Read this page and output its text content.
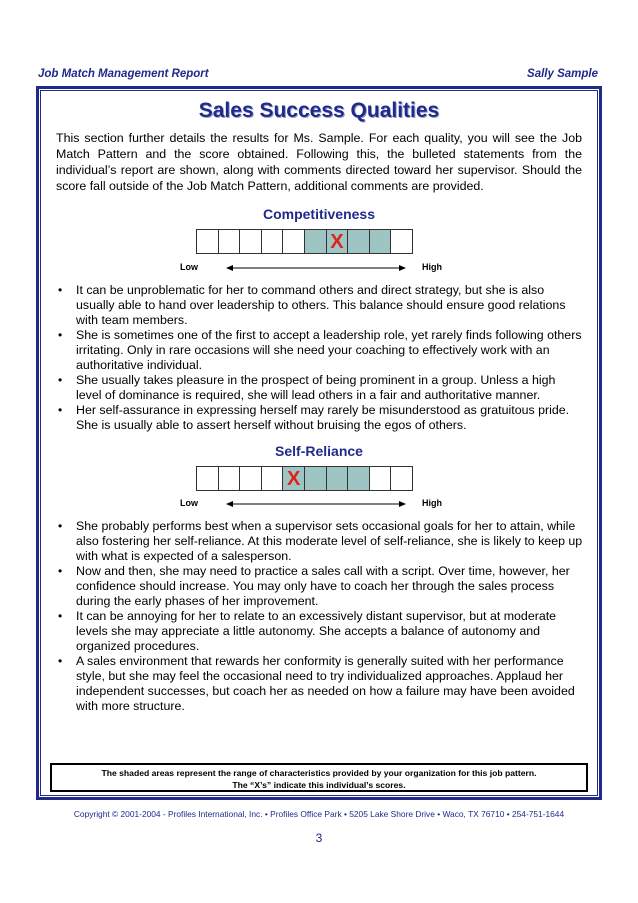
Job Match Management Report	Sally Sample
Sales Success Qualities

This section further details the results for Ms. Sample. For each quality, you will see the Job Match Pattern and the score obtained. Following this, the bulleted statements from the individual’s report are shown, along with comments directed toward her supervisor. Should the score fall outside of the Job Match Pattern, additional comments are provided.

Competitiveness
X
Low	High
• It can be unproblematic for her to command others and direct strategy, but she is also usually able to hand over leadership to others. This balance should ensure good relations with team members.
• She is sometimes one of the first to accept a leadership role, yet rarely finds following others irritating. Only in rare occasions will she need your coaching to effectively work with an authoritative individual.
• She usually takes pleasure in the prospect of being prominent in a group. Unless a high level of dominance is required, she will lead others in a fair and authoritative manner.
• Her self-assurance in expressing herself may rarely be misunderstood as gratuitous pride. She is usually able to assert herself without bruising the egos of others.
Self-Reliance
X
Low	High
• She probably performs best when a supervisor sets occasional goals for her to attain, while also fostering her self-reliance. At this moderate level of self-reliance, she is likely to keep up with what is expected of a salesperson.
• Now and then, she may need to practice a sales call with a script. Over time, however, her confidence should increase. You may only have to coach her through the sales process during the early phases of her improvement.
• It can be annoying for her to relate to an excessively distant supervisor, but at moderate levels she may appreciate a little autonomy. She accepts a balance of autonomy and organized procedures.
• A sales environment that rewards her conformity is generally suited with her performance style, but she may feel the occasional need to try individualized approaches. Applaud her independent successes, but coach her as needed on how a failure may have been avoided with more structure.
The shaded areas represent the range of characteristics provided by your organization for this job pattern.
The “X’s” indicate this individual’s scores.
Copyright © 2001-2004 - Profiles International, Inc. • Profiles Office Park • 5205 Lake Shore Drive • Waco, TX 76710 • 254-751-1644
3
